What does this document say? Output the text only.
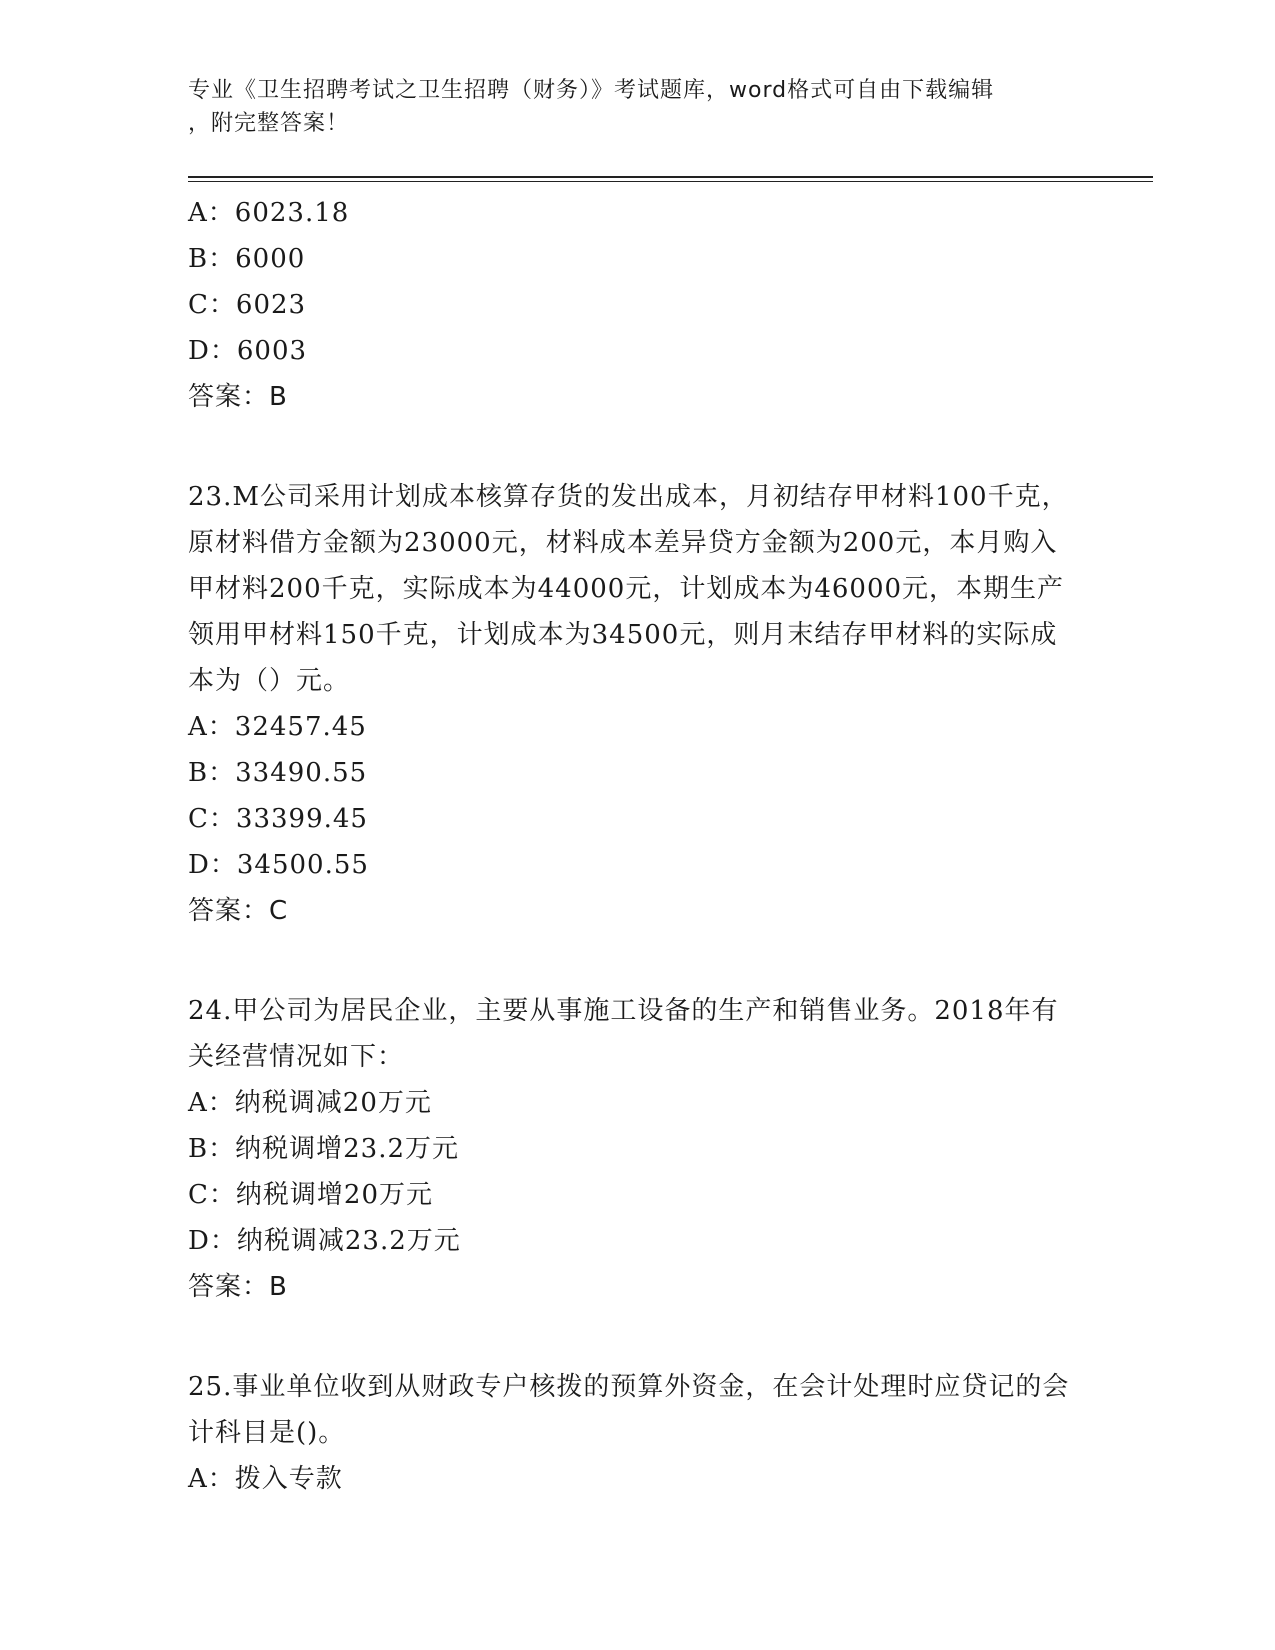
专业《卫生招聘考试之卫生招聘（财务）》考试题库，word格式可自由下载编辑
，附完整答案！
A：6023.18
B：6000
C：6023
D：6003
答案：B
23.M公司采用计划成本核算存货的发出成本，月初结存甲材料100千克，原材料借方金额为23000元，材料成本差异贷方金额为200元，本月购入甲材料200千克，实际成本为44000元，计划成本为46000元，本期生产领用甲材料150千克，计划成本为34500元，则月末结存甲材料的实际成本为（）元。
A：32457.45
B：33490.55
C：33399.45
D：34500.55
答案：C
24.甲公司为居民企业，主要从事施工设备的生产和销售业务。2018年有关经营情况如下：
A：纳税调减20万元
B：纳税调增23.2万元
C：纳税调增20万元
D：纳税调减23.2万元
答案：B
25.事业单位收到从财政专户核拨的预算外资金，在会计处理时应贷记的会计科目是()。
A：拨入专款
